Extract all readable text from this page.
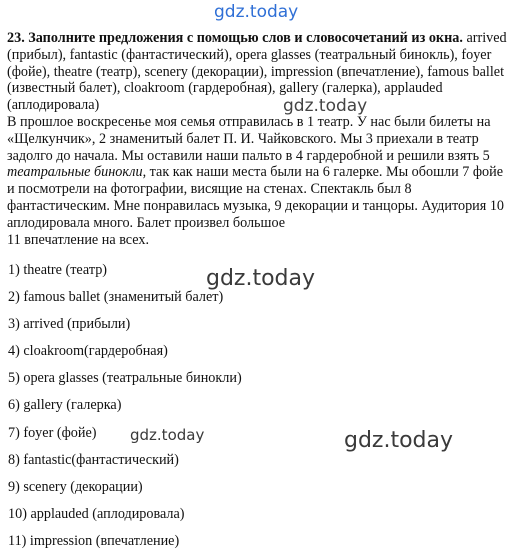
gdz.today
gdz.today
gdz.today
gdz.today	gdz.today

23. Заполните предложения с помощью слов и словосочетаний из окна. arrived (прибыл), fantastic (фантастический), opera glasses (театральный бинокль), foyer (фойе), theatre (театр), scenery (декорации), impression (впечатление), famous ballet (известный балет), cloakroom (гардеробная), gallery (галерка), applauded (аплодировала)

В прошлое воскресенье моя семья отправилась в 1 театр. У нас были билеты на «Щелкунчик», 2 знаменитый балет П. И. Чайковского. Мы 3 приехали в театр задолго до начала. Мы оставили наши пальто в 4 гардеробной и решили взять 5 театральные бинокли, так как наши места были на 6 галерке. Мы обошли 7 фойе и посмотрели на фотографии, висящие на стенах. Спектакль был 8 фантастическим. Мне понравилась музыка, 9 декорации и танцоры. Аудитория 10 аплодировала много. Балет произвел большое

11 впечатление на всех.

1) theatre (театр)
2) famous ballet (знаменитый балет)
3) arrived (прибыли)
4) cloakroom(гардеробная)
5) opera glasses (театральные бинокли)
6) gallery (галерка)
7) foyer (фойе)
8) fantastic(фантастический)
9) scenery (декорации)
10) applauded (аплодировала)
11) impression (впечатление)
